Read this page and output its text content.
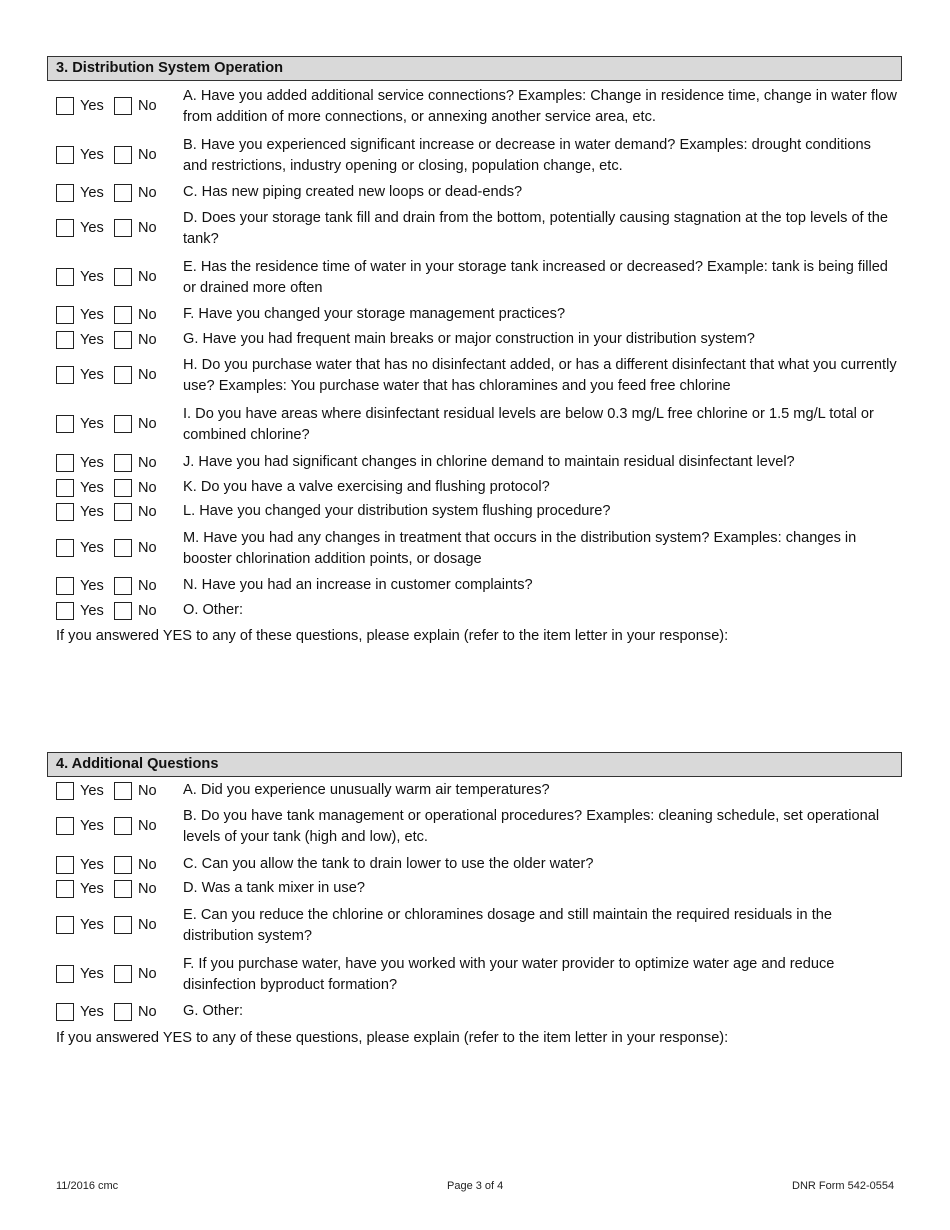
3. Distribution System Operation
Yes No
A. Have you added additional service connections? Examples: Change in residence time, change in water flow from addition of more connections, or annexing another service area, etc.
Yes No
B. Have you experienced significant increase or decrease in water demand? Examples: drought conditions and restrictions, industry opening or closing, population change, etc.
Yes No C. Has new piping created new loops or dead-ends?
Yes No
D. Does your storage tank fill and drain from the bottom, potentially causing stagnation at the top levels of the tank?
Yes No
E. Has the residence time of water in your storage tank increased or decreased? Example: tank is being filled or drained more often
Yes No F. Have you changed your storage management practices?
Yes No G. Have you had frequent main breaks or major construction in your distribution system?
Yes No
H. Do you purchase water that has no disinfectant added, or has a different disinfectant that what you currently use? Examples: You purchase water that has chloramines and you feed free chlorine
Yes No
I. Do you have areas where disinfectant residual levels are below 0.3 mg/L free chlorine or 1.5 mg/L total or combined chlorine?
Yes No J. Have you had significant changes in chlorine demand to maintain residual disinfectant level?
Yes No K. Do you have a valve exercising and flushing protocol?
Yes No L. Have you changed your distribution system flushing procedure?
Yes No
M. Have you had any changes in treatment that occurs in the distribution system? Examples: changes in booster chlorination addition points, or dosage
Yes No N. Have you had an increase in customer complaints?
Yes No O. Other:
If you answered YES to any of these questions, please explain (refer to the item letter in your response):
4. Additional Questions
Yes No A. Did you experience unusually warm air temperatures?
Yes No
B. Do you have tank management or operational procedures? Examples: cleaning schedule, set operational levels of your tank (high and low), etc.
Yes No C. Can you allow the tank to drain lower to use the older water?
Yes No D. Was a tank mixer in use?
Yes No
E. Can you reduce the chlorine or chloramines dosage and still maintain the required residuals in the distribution system?
Yes No
F. If you purchase water, have you worked with your water provider to optimize water age and reduce disinfection byproduct formation?
Yes No G. Other:
If you answered YES to any of these questions, please explain (refer to the item letter in your response):
11/2016 cmc	Page 3 of 4	DNR Form 542-0554
